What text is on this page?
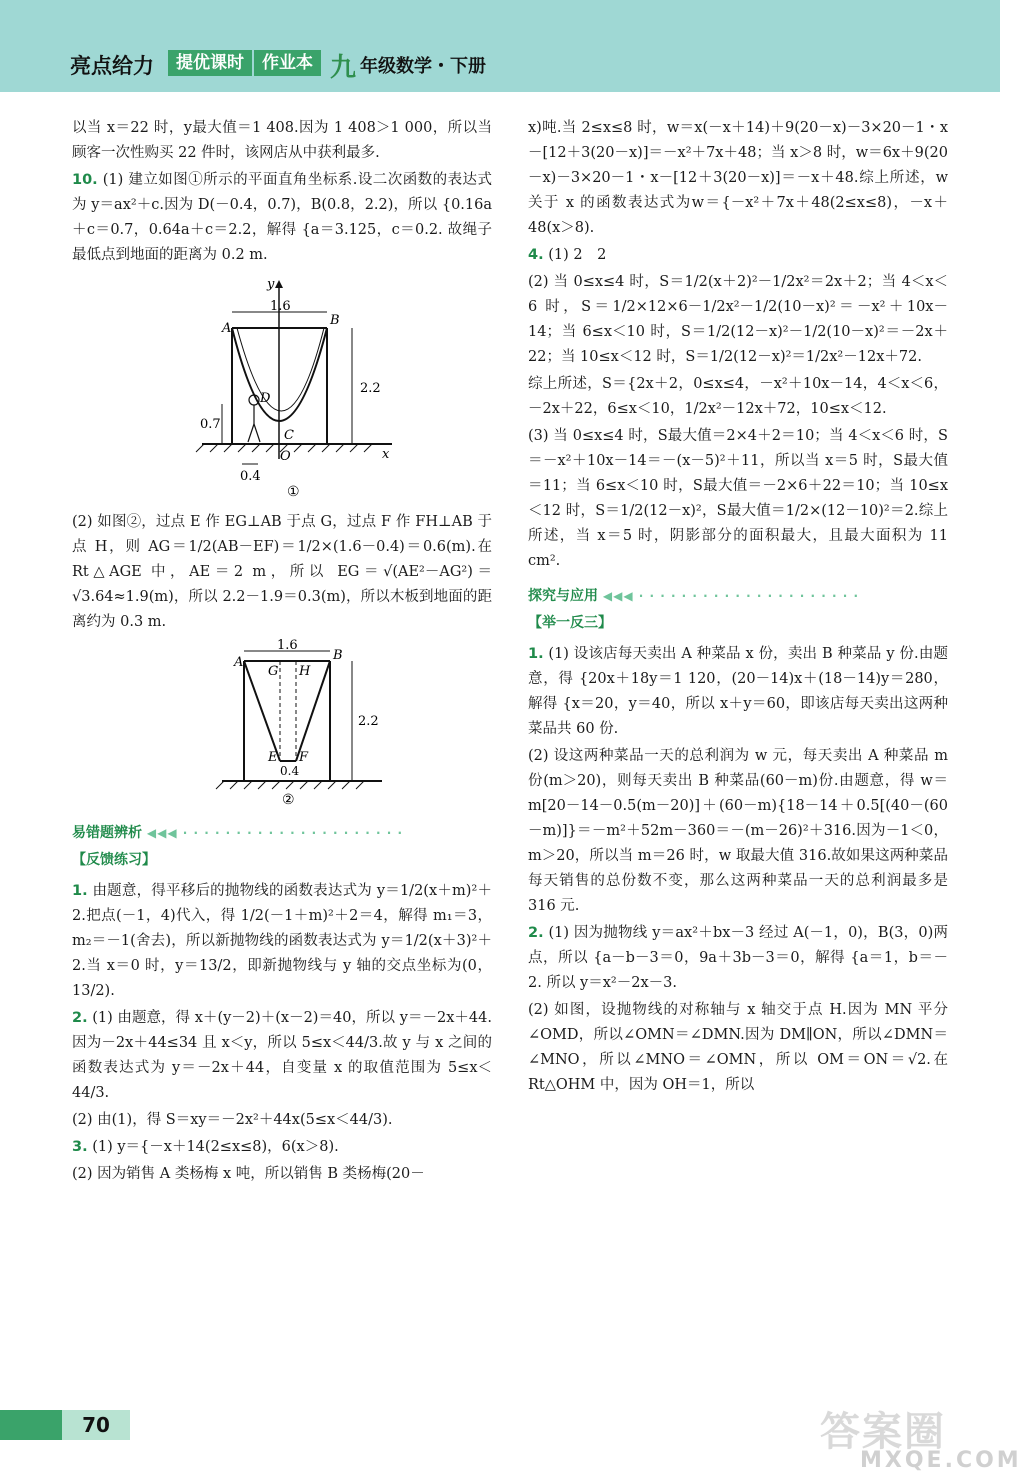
亮点给力	提优课时	作业本 九 年级数学・下册

以当 x＝22 时，y最大值＝1 408.因为 1 408＞1 000，所以当顾客一次性购买 22 件时，该网店从中获利最多.

10. (1) 建立如图①所示的平面直角坐标系.设二次函数的表达式为 y＝ax²＋c.因为 D(－0.4，0.7)，B(0.8，2.2)，所以 {0.16a＋c＝0.7，0.64a＋c＝2.2，解得 {a＝3.125，c＝0.2. 故绳子最低点到地面的距离为 0.2 m.

1.6
2.2
0.7
0.4
A
B
C
D
O	x
y
①

(2) 如图②，过点 E 作 EG⊥AB 于点 G，过点 F 作 FH⊥AB 于点 H，则 AG＝1/2(AB－EF)＝1/2×(1.6－0.4)＝0.6(m).在 Rt△AGE 中，AE＝2 m，所以 EG＝√(AE²－AG²)＝√3.64≈1.9(m)，所以 2.2－1.9＝0.3(m)，所以木板到地面的距离约为 0.3 m.

1.6
2.2
0.4
A	B
G H
E F
②
易错题辨析 ◀◀◀ · · · · · · · · · · · · · · · · · · · · ·
【反馈练习】

1. 由题意，得平移后的抛物线的函数表达式为 y＝1/2(x＋m)²＋2.把点(－1，4)代入，得 1/2(－1＋m)²＋2＝4，解得 m₁＝3，m₂＝－1(舍去)，所以新抛物线的函数表达式为 y＝1/2(x＋3)²＋2.当 x＝0 时，y＝13/2，即新抛物线与 y 轴的交点坐标为(0，13/2).

2. (1) 由题意，得 x＋(y－2)＋(x－2)＝40，所以 y＝－2x＋44.因为－2x＋44≤34 且 x＜y，所以 5≤x＜44/3.故 y 与 x 之间的函数表达式为 y＝－2x＋44，自变量 x 的取值范围为 5≤x＜44/3.

(2) 由(1)，得 S＝xy＝－2x²＋44x(5≤x＜44/3).

3. (1) y＝{－x＋14(2≤x≤8)，6(x＞8).

(2) 因为销售 A 类杨梅 x 吨，所以销售 B 类杨梅(20－

x)吨.当 2≤x≤8 时，w＝x(－x＋14)＋9(20－x)－3×20－1・x－[12＋3(20－x)]＝－x²＋7x＋48；当 x＞8 时，w＝6x＋9(20－x)－3×20－1・x－[12＋3(20－x)]＝－x＋48.综上所述，w 关于 x 的函数表达式为w＝{－x²＋7x＋48(2≤x≤8)，－x＋48(x＞8).

4. (1) 2　2

(2) 当 0≤x≤4 时，S＝1/2(x＋2)²－1/2x²＝2x＋2；当 4＜x＜6 时，S＝1/2×12×6－1/2x²－1/2(10－x)²＝－x²＋10x－14；当 6≤x＜10 时，S＝1/2(12－x)²－1/2(10－x)²＝－2x＋22；当 10≤x＜12 时，S＝1/2(12－x)²＝1/2x²－12x＋72.

综上所述，S＝{2x＋2，0≤x≤4，－x²＋10x－14，4＜x＜6，－2x＋22，6≤x＜10，1/2x²－12x＋72，10≤x＜12.

(3) 当 0≤x≤4 时，S最大值＝2×4＋2＝10；当 4＜x＜6 时，S＝－x²＋10x－14＝－(x－5)²＋11，所以当 x＝5 时，S最大值＝11；当 6≤x＜10 时，S最大值＝－2×6＋22＝10；当 10≤x＜12 时，S＝1/2(12－x)²，S最大值＝1/2×(12－10)²＝2.综上所述，当 x＝5 时，阴影部分的面积最大，且最大面积为 11 cm².

探究与应用 ◀◀◀ · · · · · · · · · · · · · · · · · · · · ·
【举一反三】

1. (1) 设该店每天卖出 A 种菜品 x 份，卖出 B 种菜品 y 份.由题意，得 {20x＋18y＝1 120，(20－14)x＋(18－14)y＝280，解得 {x＝20，y＝40，所以 x＋y＝60，即该店每天卖出这两种菜品共 60 份.

(2) 设这两种菜品一天的总利润为 w 元，每天卖出 A 种菜品 m 份(m＞20)，则每天卖出 B 种菜品(60－m)份.由题意，得 w＝m[20－14－0.5(m－20)]＋(60－m){18－14＋0.5[(40－(60－m)]}＝－m²＋52m－360＝－(m－26)²＋316.因为－1＜0，m＞20，所以当 m＝26 时，w 取最大值 316.故如果这两种菜品每天销售的总份数不变，那么这两种菜品一天的总利润最多是 316 元.

2. (1) 因为抛物线 y＝ax²＋bx－3 经过 A(－1，0)，B(3，0)两点，所以 {a－b－3＝0，9a＋3b－3＝0，解得 {a＝1，b＝－2. 所以 y＝x²－2x－3.

(2) 如图，设抛物线的对称轴与 x 轴交于点 H.因为 MN 平分∠OMD，所以∠OMN＝∠DMN.因为 DM∥ON，所以∠DMN＝∠MNO，所以∠MNO＝∠OMN，所以 OM＝ON＝√2.在 Rt△OHM 中，因为 OH＝1，所以

70	答案圈
MXQE.COM
